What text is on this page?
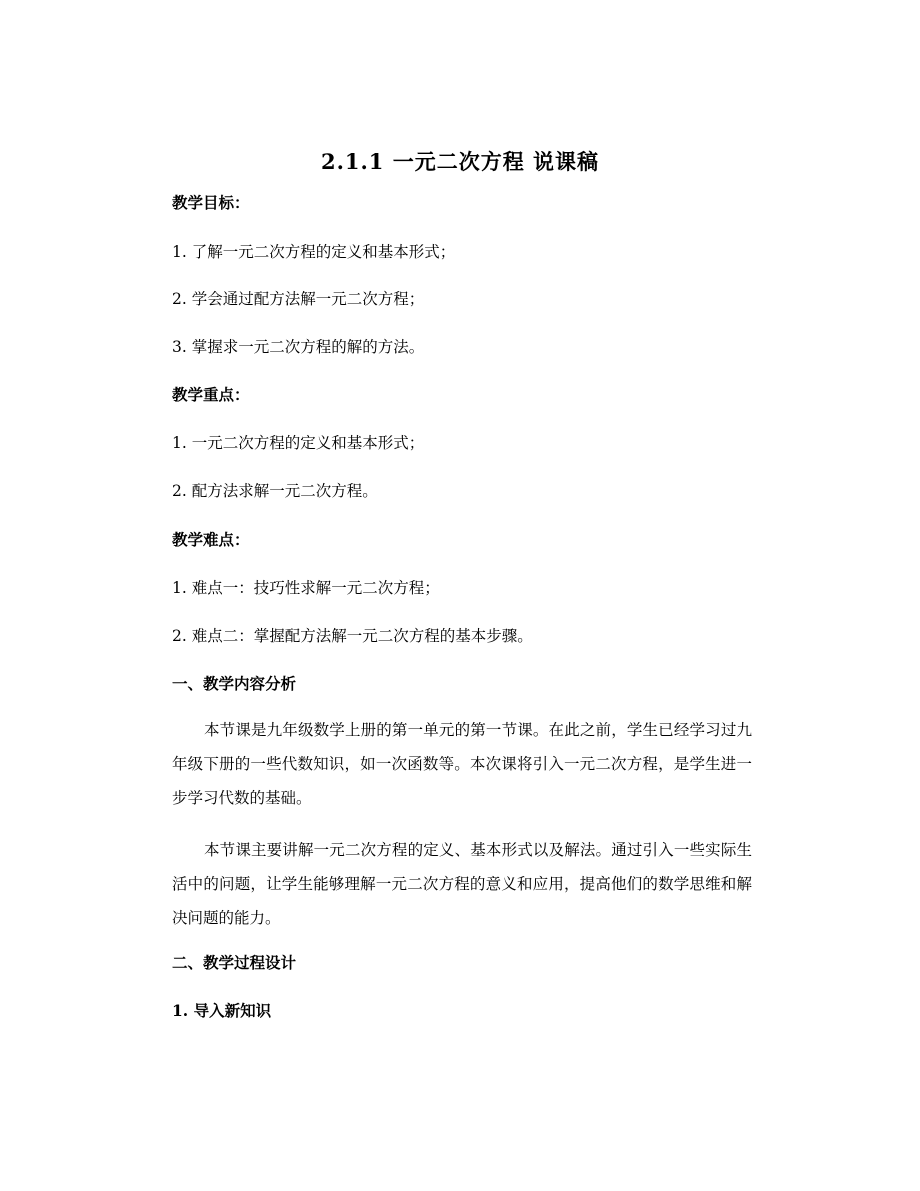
2.1.1 一元二次方程 说课稿
教学目标：
1. 了解一元二次方程的定义和基本形式；
2. 学会通过配方法解一元二次方程；
3. 掌握求一元二次方程的解的方法。
教学重点：
1. 一元二次方程的定义和基本形式；
2. 配方法求解一元二次方程。
教学难点：
1. 难点一：技巧性求解一元二次方程；
2. 难点二：掌握配方法解一元二次方程的基本步骤。
一、教学内容分析
本节课是九年级数学上册的第一单元的第一节课。在此之前，学生已经学习过九年级下册的一些代数知识，如一次函数等。本次课将引入一元二次方程，是学生进一步学习代数的基础。
本节课主要讲解一元二次方程的定义、基本形式以及解法。通过引入一些实际生活中的问题，让学生能够理解一元二次方程的意义和应用，提高他们的数学思维和解决问题的能力。
二、教学过程设计
1. 导入新知识
